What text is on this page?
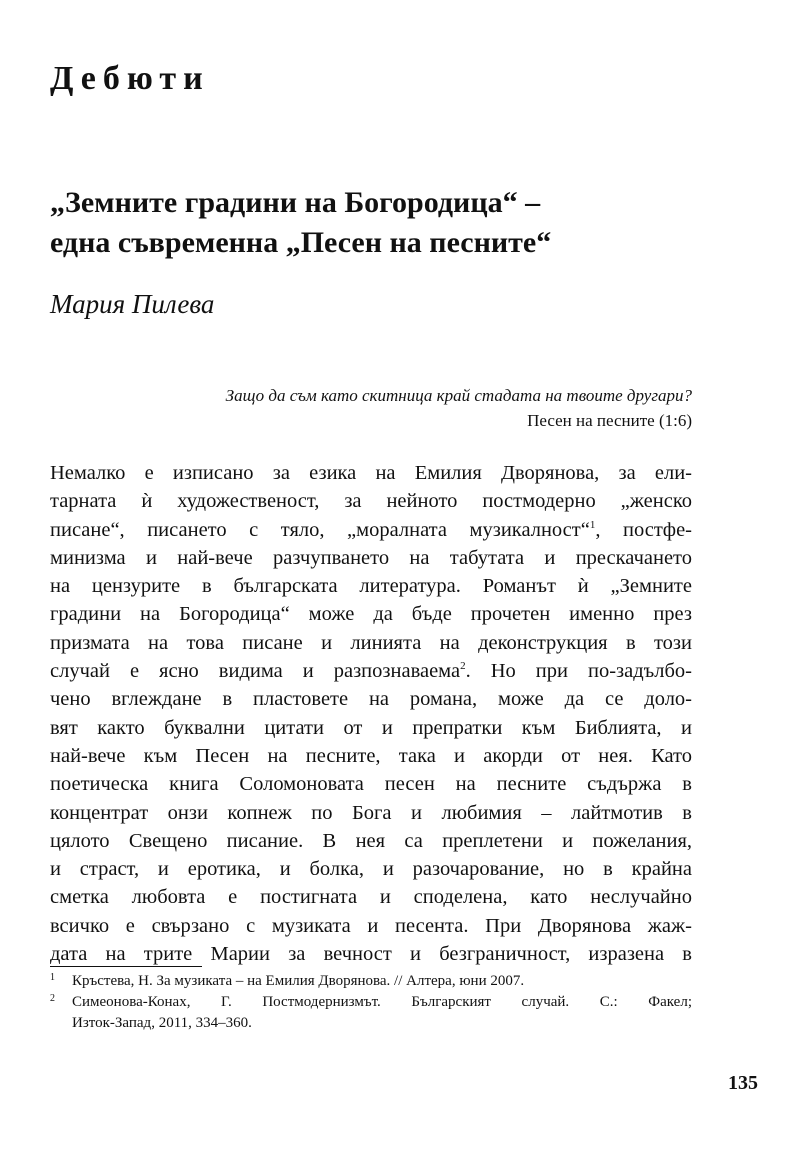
Дебюти
„Земните градини на Богородица“ –
една съвременна „Песен на песните“
Мария Пилева
Защо да съм като скитница край стадата на твоите другари?
Песен на песните (1:6)
Немалко е изписано за езика на Емилия Дворянова, за ели-
тарната ѝ художественост, за нейното постмодерно „женско
писане“, писането с тяло, „моралната музикалност“$^1$, постфе-
минизма и най-вече разчупването на табутата и прескачането
на цензурите в българската литература. Романът ѝ „Земните
градини на Богородица“ може да бъде прочетен именно през
призмата на това писане и линията на деконструкция в този
случай е ясно видима и разпознаваема$^2$. Но при по-задълбо-
чено вглеждане в пластовете на романа, може да се доло-
вят както буквални цитати от и препратки към Библията, и
най-вече към Песен на песните, така и акорди от нея. Като
поетическа книга Соломоновата песен на песните съдържа в
концентрат онзи копнеж по Бога и любимия – лайтмотив в
цялото Свещено писание. В нея са преплетени и пожелания,
и страст, и еротика, и болка, и разочарование, но в крайна
сметка любовта е постигната и споделена, като неслучайно
всичко е свързано с музиката и песента. При Дворянова жаж-
дата на трите Марии за вечност и безграничност, изразена в
1 Кръстева, Н. За музиката – на Емилия Дворянова. // Алтера, юни 2007.
2 Симеонова-Конах, Г. Постмодернизмът. Българският случай. С.: Факел;
Изток-Запад, 2011, 334–360.
135
